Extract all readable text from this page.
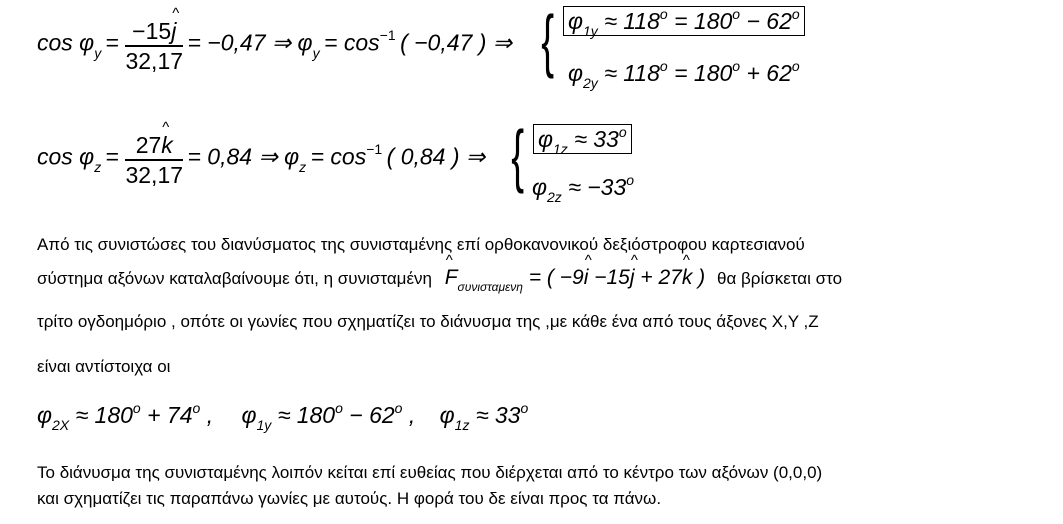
$\cos \varphi y = \frac{-15\^{} j}{32,17} = -0,47$ ⇒ φy = cos−1 ( −0,47 ) ⇒ { $\varphi_{1y} \approx 118^o = 180^o - 62^o$
$\varphi_{2y} \approx 118^o = 180^o + 62^o$
$\cos \varphi z = \frac{27\^{} k}{32,17} = 0,84$ ⇒ φz = cos−1 ( 0,84 ) ⇒ { $\varphi_{1z} \approx 33^o$
$\varphi_{2z} \approx -33^o$
Από τις συνιστώσες του διανύσματος της συνισταμένης επί ορθοκανονικού δεξιόστροφου καρτεσιανού
σύστημα αξόνων καταλαβαίνουμε ότι, η συνισταμένη ^ $F_{\sigma\upsilon\nu\iota\sigma\tau\alpha\mu\varepsilon\nu\eta}$ = ( −9^ i −15^ j + 27^ k ) θα βρίσκεται στο
τρίτο ογδοημόριο , οπότε οι γωνίες που σχηματίζει το διάνυσμα της ,με κάθε ένα από τους άξονες X,Y ,Z
είναι αντίστοιχα οι
$\varphi_{2X} \approx 180^o + 74^o$ , $\varphi_{1y} \approx 180^o - 62^o$ , $\varphi_{1z} \approx 33^o$
Το διάνυσμα της συνισταμένης λοιπόν κείται επί ευθείας που διέρχεται από το κέντρο των αξόνων (0,0,0)
και σχηματίζει τις παραπάνω γωνίες με αυτούς. Η φορά του δε είναι προς τα πάνω.
